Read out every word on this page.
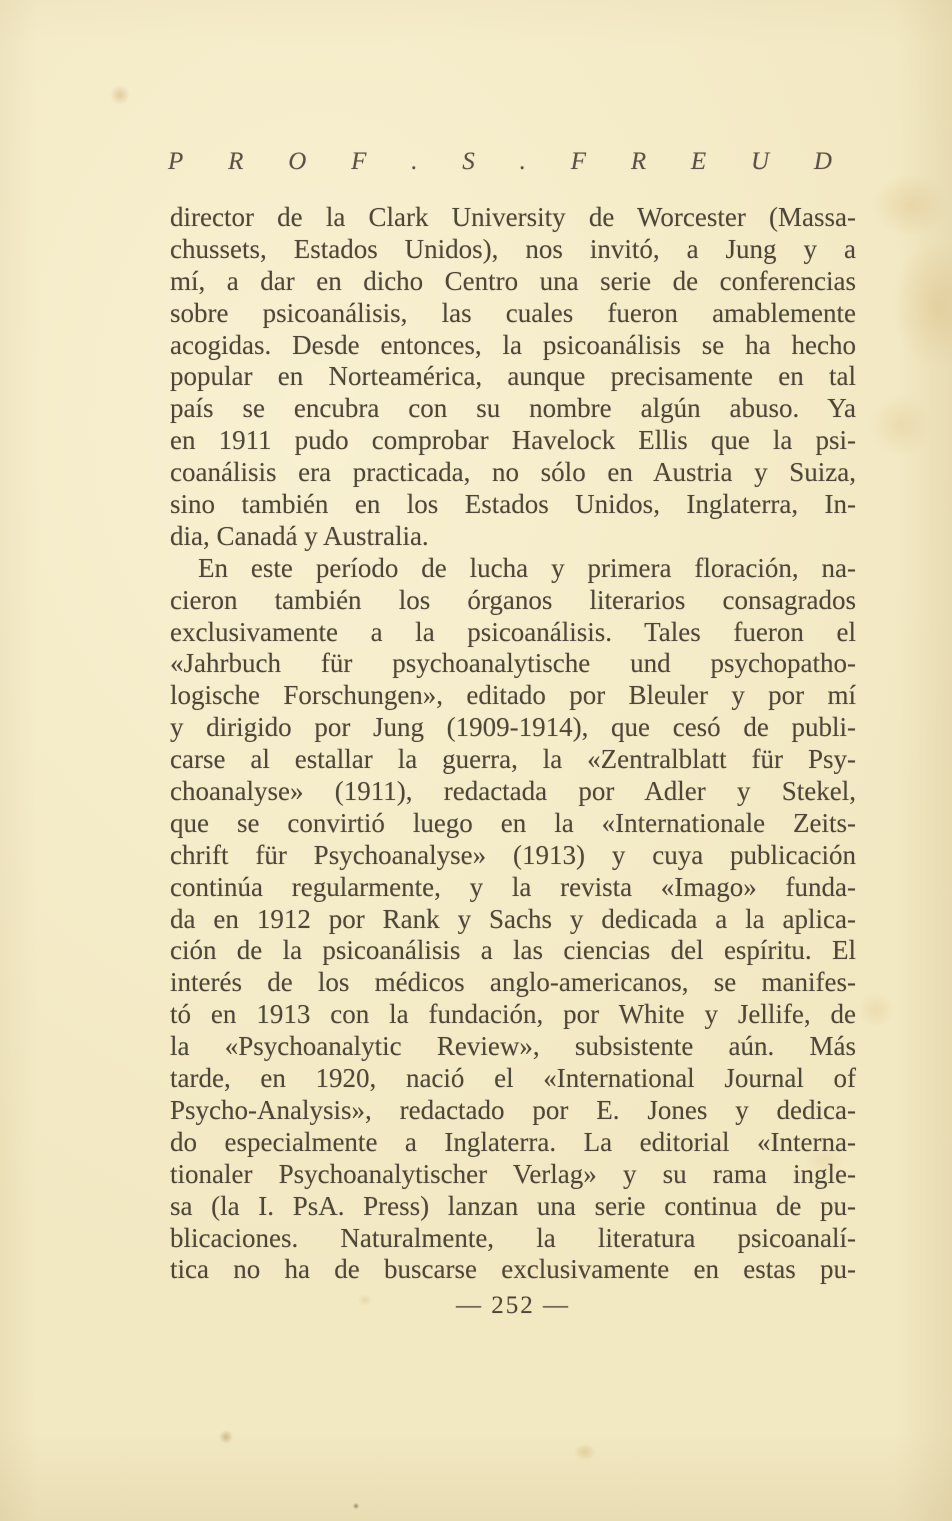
P R O F . S . F R E U D
director de la Clark University de Worcester (Massa-
chussets, Estados Unidos), nos invitó, a Jung y a
mí, a dar en dicho Centro una serie de conferencias
sobre psicoanálisis, las cuales fueron amablemente
acogidas. Desde entonces, la psicoanálisis se ha hecho
popular en Norteamérica, aunque precisamente en tal
país se encubra con su nombre algún abuso. Ya
en 1911 pudo comprobar Havelock Ellis que la psi-
coanálisis era practicada, no sólo en Austria y Suiza,
sino también en los Estados Unidos, Inglaterra, In-
dia, Canadá y Australia.
En este período de lucha y primera floración, na-
cieron también los órganos literarios consagrados
exclusivamente a la psicoanálisis. Tales fueron el
«Jahrbuch für psychoanalytische und psychopatho-
logische Forschungen», editado por Bleuler y por mí
y dirigido por Jung (1909-1914), que cesó de publi-
carse al estallar la guerra, la «Zentralblatt für Psy-
choanalyse» (1911), redactada por Adler y Stekel,
que se convirtió luego en la «Internationale Zeits-
chrift für Psychoanalyse» (1913) y cuya publicación
continúa regularmente, y la revista «Imago» funda-
da en 1912 por Rank y Sachs y dedicada a la aplica-
ción de la psicoanálisis a las ciencias del espíritu. El
interés de los médicos anglo-americanos, se manifes-
tó en 1913 con la fundación, por White y Jellife, de
la «Psychoanalytic Review», subsistente aún. Más
tarde, en 1920, nació el «International Journal of
Psycho-Analysis», redactado por E. Jones y dedica-
do especialmente a Inglaterra. La editorial «Interna-
tionaler Psychoanalytischer Verlag» y su rama ingle-
sa (la I. PsA. Press) lanzan una serie continua de pu-
blicaciones. Naturalmente, la literatura psicoanalí-
tica no ha de buscarse exclusivamente en estas pu-
— 252 —
